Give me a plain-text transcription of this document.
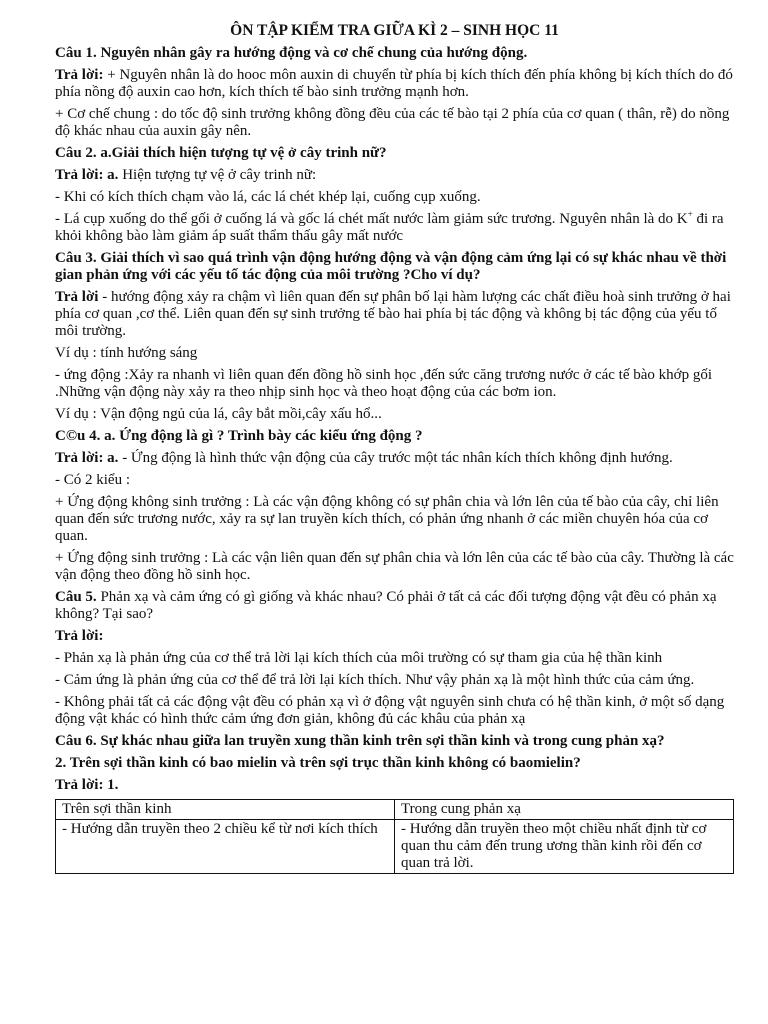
ÔN TẬP KIỂM TRA GIỮA KÌ 2 – SINH HỌC 11

Câu 1. Nguyên nhân gây ra hướng động và cơ chế chung của hướng động.

Trả lời: + Nguyên nhân là do hooc môn auxin di chuyển từ phía bị kích thích đến phía không bị kích thích do đó phía nồng độ auxin cao hơn, kích thích tế bào sinh trưởng mạnh hơn.

+ Cơ chế chung : do tốc độ sinh trưởng không đồng đều của các tế bào tại 2 phía của cơ quan ( thân, rễ) do nồng độ khác nhau của auxin gây nên.

Câu 2. a.Giải thích hiện tượng tự vệ ở cây trinh nữ?

Trả lời: a. Hiện tượng tự vệ ở cây trinh nữ:

- Khi có kích thích chạm vào lá, các lá chét khép lại, cuống cụp xuống.

- Lá cụp xuống do thể gối ở cuống lá và gốc lá chét mất nước làm giảm sức trương. Nguyên nhân là do K+ đi ra khỏi không bào làm giảm áp suất thẩm thấu gây mất nước

Câu 3. Giải thích vì sao quá trình vận động hướng động và vận động cảm ứng lại có sự khác nhau về thời gian phản ứng với các yếu tố tác động của môi trường ?Cho ví dụ?

Trả lời - hướng động xảy ra chậm vì liên quan đến sự phân bố lại hàm lượng các chất điều hoà sinh trưởng ở hai phía cơ quan ,cơ thể. Liên quan đến sự sinh trưởng tế bào hai phía bị tác động và không bị tác động của yếu tố môi trường.

Ví dụ : tính hướng sáng

- ứng động :Xảy ra nhanh vì liên quan đến đồng hồ sinh học ,đến sức căng trương nước ở các tế bào khớp gối .Những vận động này xảy ra theo nhịp sinh học và theo hoạt động của các bơm ion.

Ví dụ : Vận động ngủ của lá, cây bắt mồi,cây xấu hổ...

C©u 4. a. Ứng động là gì ? Trình bày các kiểu ứng động ?

Trả lời: a. - Ứng động là hình thức vận động của cây trước một tác nhân kích thích không định hướng.

- Có 2 kiểu :

+ Ứng động không sinh trưởng : Là các vận động không có sự phân chia và lớn lên của tế bào của cây, chỉ liên quan đến sức trương nước, xảy ra sự lan truyền kích thích, có phản ứng nhanh ở các miền chuyên hóa của cơ quan.

+ Ứng động sinh trưởng : Là các vận liên quan đến sự phân chia và lớn lên của các tế bào của cây. Thường là các vận động theo đồng hồ sinh học.

Câu 5. Phản xạ và cảm ứng có gì giống và khác nhau? Có phải ở tất cả các đối tượng động vật đều có phản xạ không? Tại sao?

Trả lời:

- Phản xạ là phản ứng của cơ thể trả lời lại kích thích của môi trường có sự tham gia của hệ thần kinh

- Cảm ứng là phản ứng của cơ thể để trả lời lại kích thích. Như vậy phản xạ là một hình thức của cảm ứng.

- Không phải tất cả các động vật đều có phản xạ vì ở động vật nguyên sinh chưa có hệ thần kinh, ở một số dạng động vật khác có hình thức cảm ứng đơn giản, không đủ các khâu của phản xạ

Câu 6. Sự khác nhau giữa lan truyền xung thần kinh trên sợi thần kinh và trong cung phản xạ?

2. Trên sợi thần kinh có bao mielin và trên sợi trục thần kinh không có baomielin?

Trả lời: 1.

Trên sợi thần kinh	Trong cung phản xạ
- Hướng dẫn truyền theo 2 chiều kể từ nơi kích thích	- Hướng dẫn truyền theo một chiều nhất định từ cơ quan thu cảm đến trung ương thần kinh rồi đến cơ quan trả lời.
